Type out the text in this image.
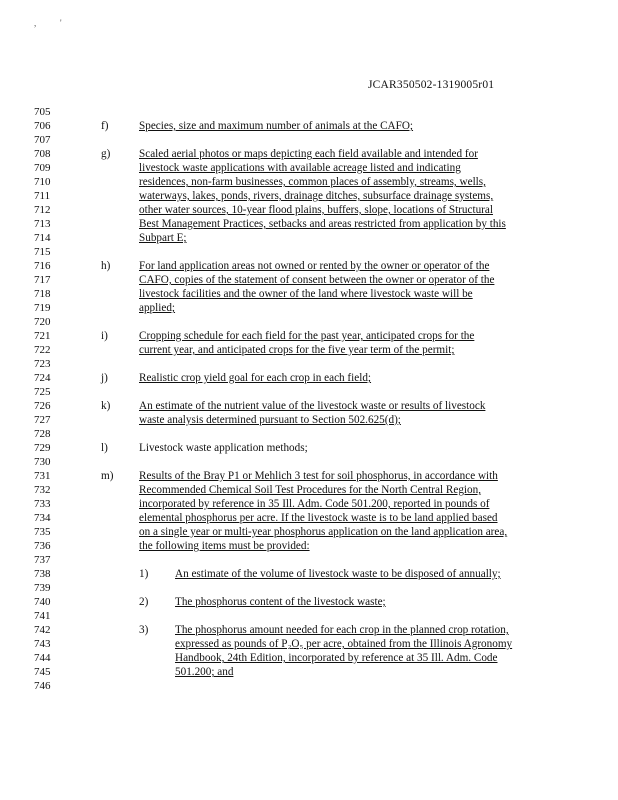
,	'
JCAR350502-1319005r01
705
706
707
708
709
710
711
712
713
714
715
716
717
718
719
720
721
722
723
724
725
726
727
728
729
730
731
732
733
734
735
736
737
738
739
740
741
742
743
744
745
746
f)	Species, size and maximum number of animals at the CAFO;
g)	Scaled aerial photos or maps depicting each field available and intended for
livestock waste applications with available acreage listed and indicating
residences, non-farm businesses, common places of assembly, streams, wells,
waterways, lakes, ponds, rivers, drainage ditches, subsurface drainage systems,
other water sources, 10-year flood plains, buffers, slope, locations of Structural
Best Management Practices, setbacks and areas restricted from application by this
Subpart E;
h)	For land application areas not owned or rented by the owner or operator of the
CAFO, copies of the statement of consent between the owner or operator of the
livestock facilities and the owner of the land where livestock waste will be
applied;
i)	Cropping schedule for each field for the past year, anticipated crops for the
current year, and anticipated crops for the five year term of the permit;
j)	Realistic crop yield goal for each crop in each field;
k)	An estimate of the nutrient value of the livestock waste or results of livestock
waste analysis determined pursuant to Section 502.625(d);
l)	Livestock waste application methods;
m) Results of the Bray P1 or Mehlich 3 test for soil phosphorus, in accordance with
Recommended Chemical Soil Test Procedures for the North Central Region,
incorporated by reference in 35 Ill. Adm. Code 501.200, reported in pounds of
elemental phosphorus per acre. If the livestock waste is to be land applied based
on a single year or multi-year phosphorus application on the land application area,
the following items must be provided:
1) An estimate of the volume of livestock waste to be disposed of annually;
2) The phosphorus content of the livestock waste;
3) The phosphorus amount needed for each crop in the planned crop rotation,
expressed as pounds of P₂O₅ per acre, obtained from the Illinois Agronomy
Handbook, 24th Edition, incorporated by reference at 35 Ill. Adm. Code
501.200; and
